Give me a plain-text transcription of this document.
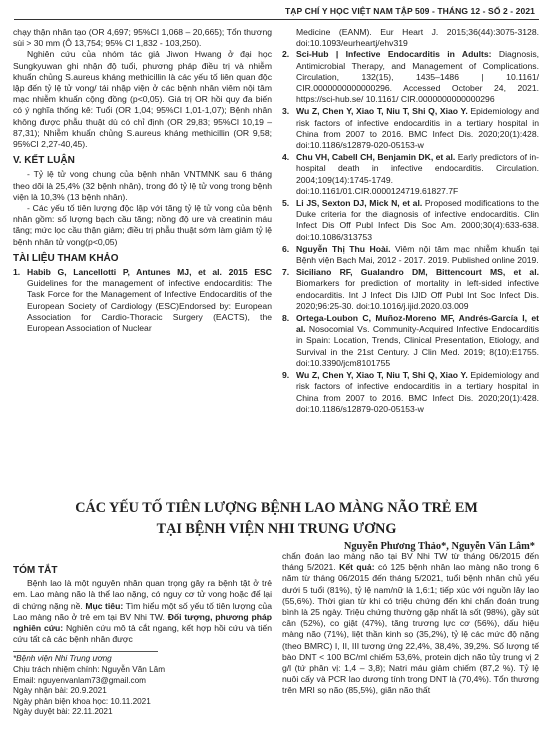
TẠP CHÍ Y HỌC VIỆT NAM TẬP 509 - THÁNG 12 - SỐ 2 - 2021

chạy thận nhân tạo (OR 4,697; 95%CI 1,068 – 20,665); Tổn thương sùi > 30 mm (Ô 13,754; 95% CI 1,832 - 103,250).

Nghiên cứu của nhóm tác giả Jiwon Hwang ở đại học Sungkyuwan ghi nhận độ tuổi, phương pháp điều trị và nhiễm khuẩn chủng S.aureus kháng methicillin là các yếu tố liên quan độc lập đến tỷ lệ tử vong/ tái nhập viện ở các bệnh nhân viêm nội tâm mạc nhiễm khuẩn cộng đồng (p<0,05). Giá trị OR hồi quy đa biến có ý nghĩa thống kê: Tuổi (OR 1,04; 95%CI 1,01-1,07); Bệnh nhân không được phẫu thuật dù có chỉ định (OR 29,83; 95%CI 10,19 – 87,31); Nhiễm khuẩn chủng S.aureus kháng methicillin (OR 9,58; 95%CI 2,27-40,45).

V. KẾT LUẬN

- Tỷ lệ tử vong chung của bệnh nhân VNTMNK sau 6 tháng theo dõi là 25,4% (32 bệnh nhân), trong đó tỷ lệ tử vong trong bệnh viện là 10,3% (13 bệnh nhân).

- Các yếu tố tiên lượng độc lập với tăng tỷ lệ tử vong của bệnh nhân gồm: số lượng bạch cầu tăng; nồng độ ure và creatinin máu tăng; mức lọc cầu thận giảm; điều trị phẫu thuật sớm làm giảm tỷ lệ bệnh nhân tử vong(p<0,05)

TÀI LIỆU THAM KHẢO
1. Habib G, Lancellotti P, Antunes MJ, et al. 2015 ESC Guidelines for the management of infective endocarditis: The Task Force for the Management of Infective Endocarditis of the European Society of Cardiology (ESC)Endorsed by: European Association for Cardio-Thoracic Surgery (EACTS), the European Association of Nuclear

Medicine (EANM). Eur Heart J. 2015;36(44):3075-3128. doi:10.1093/eurheartj/ehv319

2. Sci-Hub | Infective Endocarditis in Adults: Diagnosis, Antimicrobial Therapy, and Management of Complications. Circulation, 132(15), 1435–1486 | 10.1161/ CIR.0000000000000296. Accessed October 24, 2021. https://sci-hub.se/ 10.1161/ CIR.0000000000000296
3. Wu Z, Chen Y, Xiao T, Niu T, Shi Q, Xiao Y. Epidemiology and risk factors of infective endocarditis in a tertiary hospital in China from 2007 to 2016. BMC Infect Dis. 2020;20(1):428. doi:10.1186/s12879-020-05153-w
4. Chu VH, Cabell CH, Benjamin DK, et al. Early predictors of in-hospital death in infective endocarditis. Circulation. 2004;109(14):1745-1749. doi:10.1161/01.CIR.0000124719.61827.7F
5. Li JS, Sexton DJ, Mick N, et al. Proposed modifications to the Duke criteria for the diagnosis of infective endocarditis. Clin Infect Dis Off Publ Infect Dis Soc Am. 2000;30(4):633-638. doi:10.1086/313753
6. Nguyễn Thị Thu Hoài. Viêm nội tâm mạc nhiễm khuẩn tại Bệnh viện Bạch Mai, 2012 - 2017. 2019. Published online 2019.
7. Siciliano RF, Gualandro DM, Bittencourt MS, et al. Biomarkers for prediction of mortality in left-sided infective endocarditis. Int J Infect Dis IJID Off Publ Int Soc Infect Dis. 2020;96:25-30. doi:10.1016/j.ijid.2020.03.009
8. Ortega-Loubon C, Muñoz-Moreno MF, Andrés-García I, et al. Nosocomial Vs. Community-Acquired Infective Endocarditis in Spain: Location, Trends, Clinical Presentation, Etiology, and Survival in the 21st Century. J Clin Med. 2019; 8(10):E1755. doi:10.3390/jcm8101755
9. Wu Z, Chen Y, Xiao T, Niu T, Shi Q, Xiao Y. Epidemiology and risk factors of infective endocarditis in a tertiary hospital in China from 2007 to 2016. BMC Infect Dis. 2020;20(1):428. doi:10.1186/s12879-020-05153-w
CÁC YẾU TỐ TIÊN LƯỢNG BỆNH LAO MÀNG NÃO TRẺ EM
TẠI BỆNH VIỆN NHI TRUNG ƯƠNG
Nguyễn Phương Thảo*, Nguyễn Văn Lâm*
TÓM TẮT

Bệnh lao là một nguyên nhân quan trọng gây ra bệnh tật ở trẻ em. Lao màng não là thể lao nặng, có nguy cơ tử vong hoặc để lại di chứng nặng nề. Mục tiêu: Tìm hiểu một số yếu tố tiên lượng của Lao màng não ở trẻ em tại BV Nhi TW. Đối tượng, phương pháp nghiên cứu: Nghiên cứu mô tả cắt ngang, kết hợp hồi cứu và tiến cứu tất cả các bệnh nhân được

*Bệnh viện Nhi Trung ương
Chịu trách nhiệm chính: Nguyễn Văn Lâm
Email: nguyenvanlam73@gmail.com
Ngày nhận bài: 20.9.2021
Ngày phản biện khoa học: 10.11.2021
Ngày duyệt bài: 22.11.2021

chẩn đoán lao màng não tại BV Nhi TW từ tháng 06/2015 đến tháng 5/2021. Kết quả: có 125 bệnh nhân lao màng não trong 6 năm từ tháng 06/2015 đến tháng 5/2021, tuổi bệnh nhân chủ yếu dưới 5 tuổi (81%), tỷ lệ nam/nữ là 1,6:1; tiếp xúc với nguồn lây lao (55,6%). Thời gian từ khi có triệu chứng đến khi chẩn đoán trung bình là 25 ngày. Triệu chứng thường gặp nhất là sốt (98%), gầy sút cân (52%), co giật (47%), tăng trương lực cơ (56%), dấu hiệu màng não (71%), liệt thần kinh sọ (35,2%), tỷ lệ các mức độ nặng (theo BMRC) I, II, III tương ứng 22,4%, 38,4%, 39,2%. Số lượng tế bào DNT < 100 BC/ml chiếm 53,6%, protein dịch não tủy trung vị 2 g/l (tứ phân vị: 1,4 – 3,8); Natri máu giảm chiếm (87,2 %). Tỷ lệ nuôi cấy và PCR lao dương tính trong DNT là (70,4%). Tổn thương trên MRI sọ não (85,5%), giãn não thất
